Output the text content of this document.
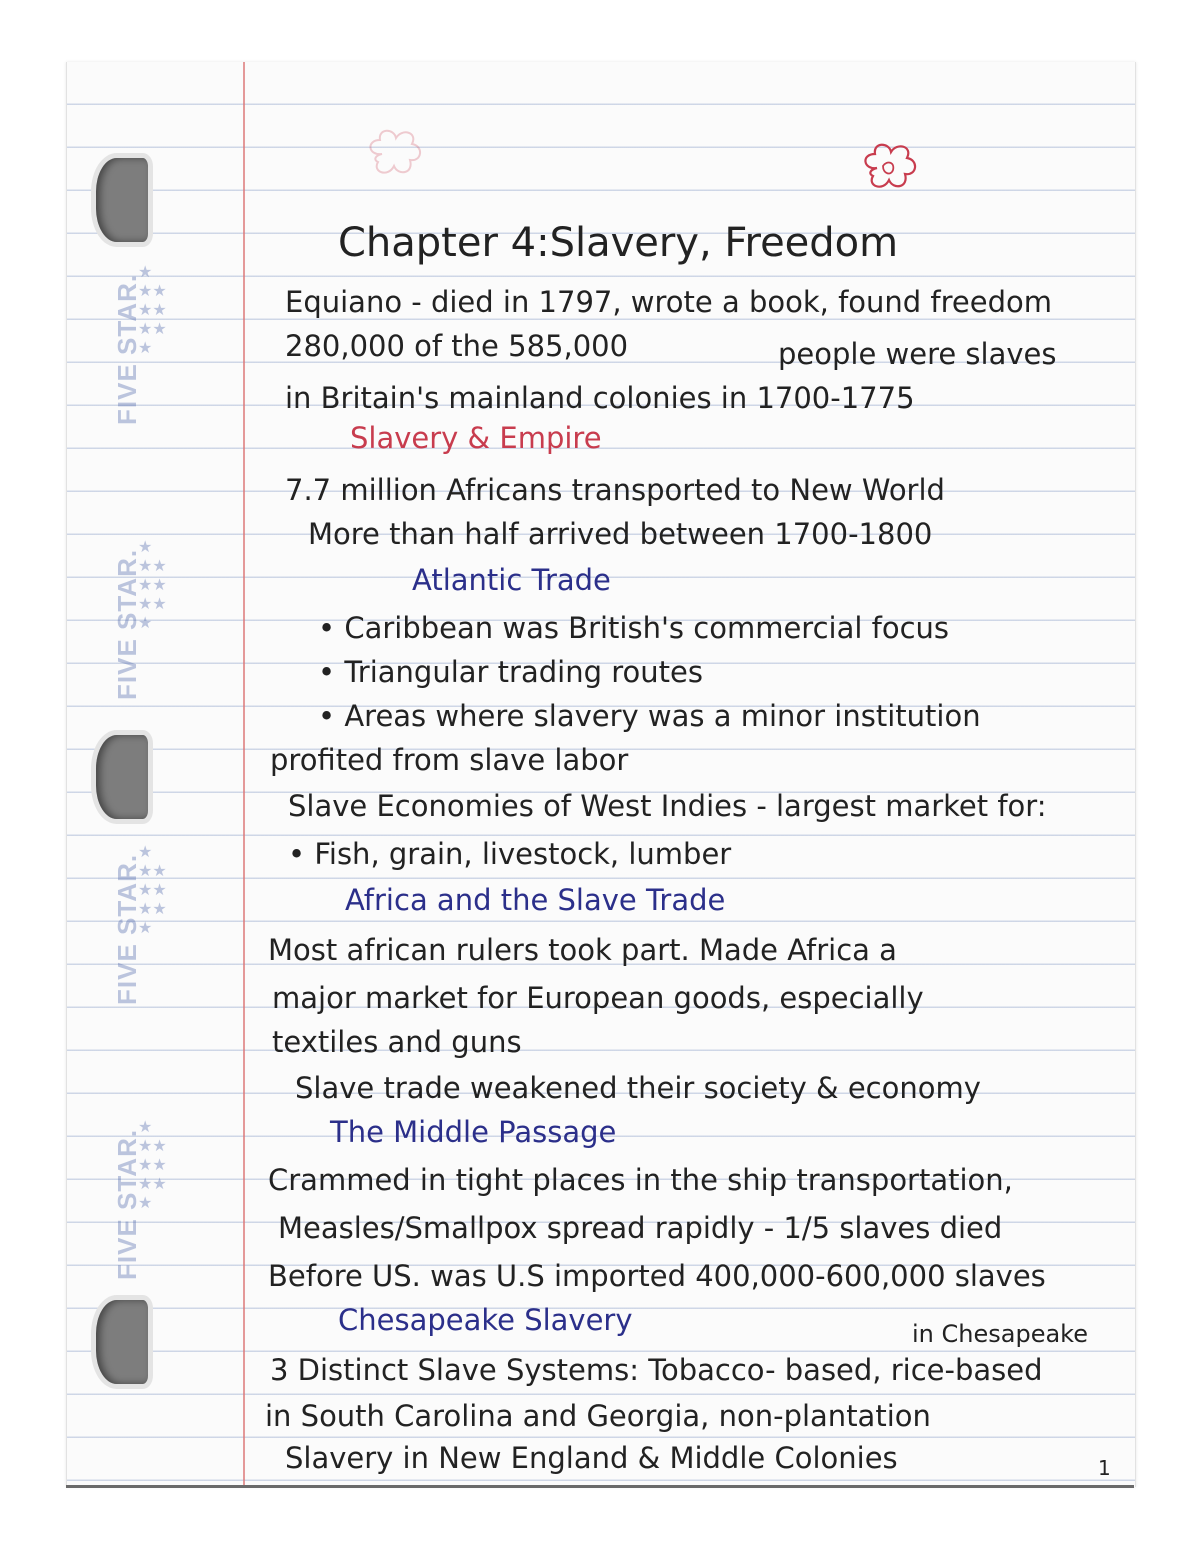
FIVE STAR.
★
★★
★★
★★
★
FIVE STAR.
★
★★
★★
★★
★
FIVE STAR.
★
★★
★★
★★
★
FIVE STAR.
★
★★
★★
★★
★
Chapter 4:Slavery, Freedom
Equiano - died in 1797, wrote a book, found freedom
280,000 of the 585,000	people were slaves
in Britain's mainland colonies in 1700-1775
Slavery & Empire
7.7 million Africans transported to New World
More than half arrived between 1700-1800
Atlantic Trade
• Caribbean was British's commercial focus
• Triangular trading routes
• Areas where slavery was a minor institution
profited from slave labor
Slave Economies of West Indies - largest market for:
• Fish, grain, livestock, lumber
Africa and the Slave Trade
Most african rulers took part. Made Africa a
major market for European goods, especially
textiles and guns
Slave trade weakened their society & economy
The Middle Passage
Crammed in tight places in the ship transportation,
Measles/Smallpox spread rapidly - 1/5 slaves died
Before US. was U.S imported 400,000-600,000 slaves
Chesapeake Slavery	in Chesapeake
3 Distinct Slave Systems: Tobacco- based, rice-based
in South Carolina and Georgia, non-plantation
Slavery in New England & Middle Colonies	1
